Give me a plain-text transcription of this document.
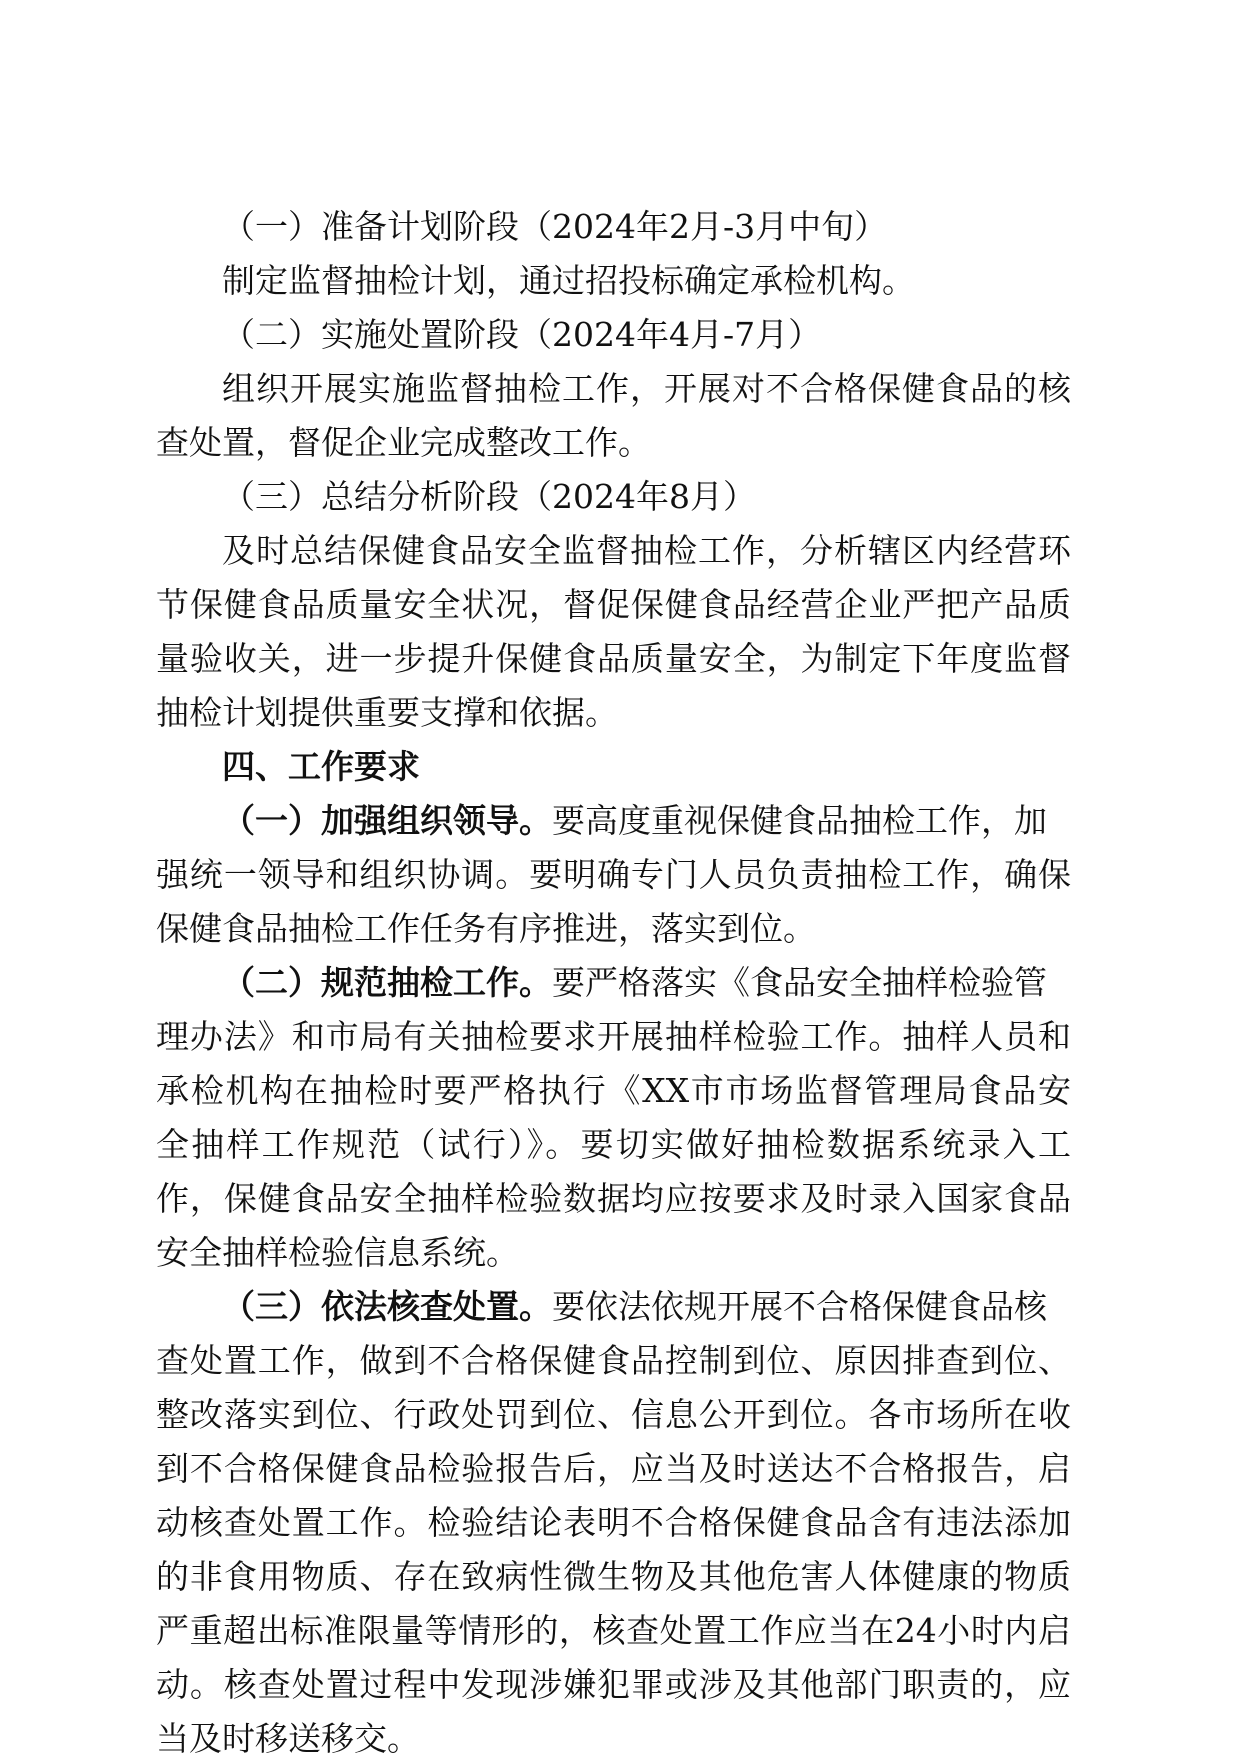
（一）准备计划阶段（2024年2月-3月中旬）

制定监督抽检计划，通过招投标确定承检机构。

（二）实施处置阶段（2024年4月-7月）

组织开展实施监督抽检工作，开展对不合格保健食品的核

查处置，督促企业完成整改工作。

（三）总结分析阶段（2024年8月）

及时总结保健食品安全监督抽检工作，分析辖区内经营环

节保健食品质量安全状况，督促保健食品经营企业严把产品质

量验收关，进一步提升保健食品质量安全，为制定下年度监督

抽检计划提供重要支撑和依据。

四、工作要求

（一）加强组织领导。要高度重视保健食品抽检工作，加

强统一领导和组织协调。要明确专门人员负责抽检工作，确保

保健食品抽检工作任务有序推进，落实到位。

（二）规范抽检工作。要严格落实《食品安全抽样检验管

理办法》和市局有关抽检要求开展抽样检验工作。抽样人员和

承检机构在抽检时要严格执行《XX市市场监督管理局食品安

全抽样工作规范（试行）》。要切实做好抽检数据系统录入工

作，保健食品安全抽样检验数据均应按要求及时录入国家食品

安全抽样检验信息系统。

（三）依法核查处置。要依法依规开展不合格保健食品核

查处置工作，做到不合格保健食品控制到位、原因排查到位、

整改落实到位、行政处罚到位、信息公开到位。各市场所在收

到不合格保健食品检验报告后，应当及时送达不合格报告，启

动核查处置工作。检验结论表明不合格保健食品含有违法添加

的非食用物质、存在致病性微生物及其他危害人体健康的物质

严重超出标准限量等情形的，核查处置工作应当在24小时内启

动。核查处置过程中发现涉嫌犯罪或涉及其他部门职责的，应

当及时移送移交。
